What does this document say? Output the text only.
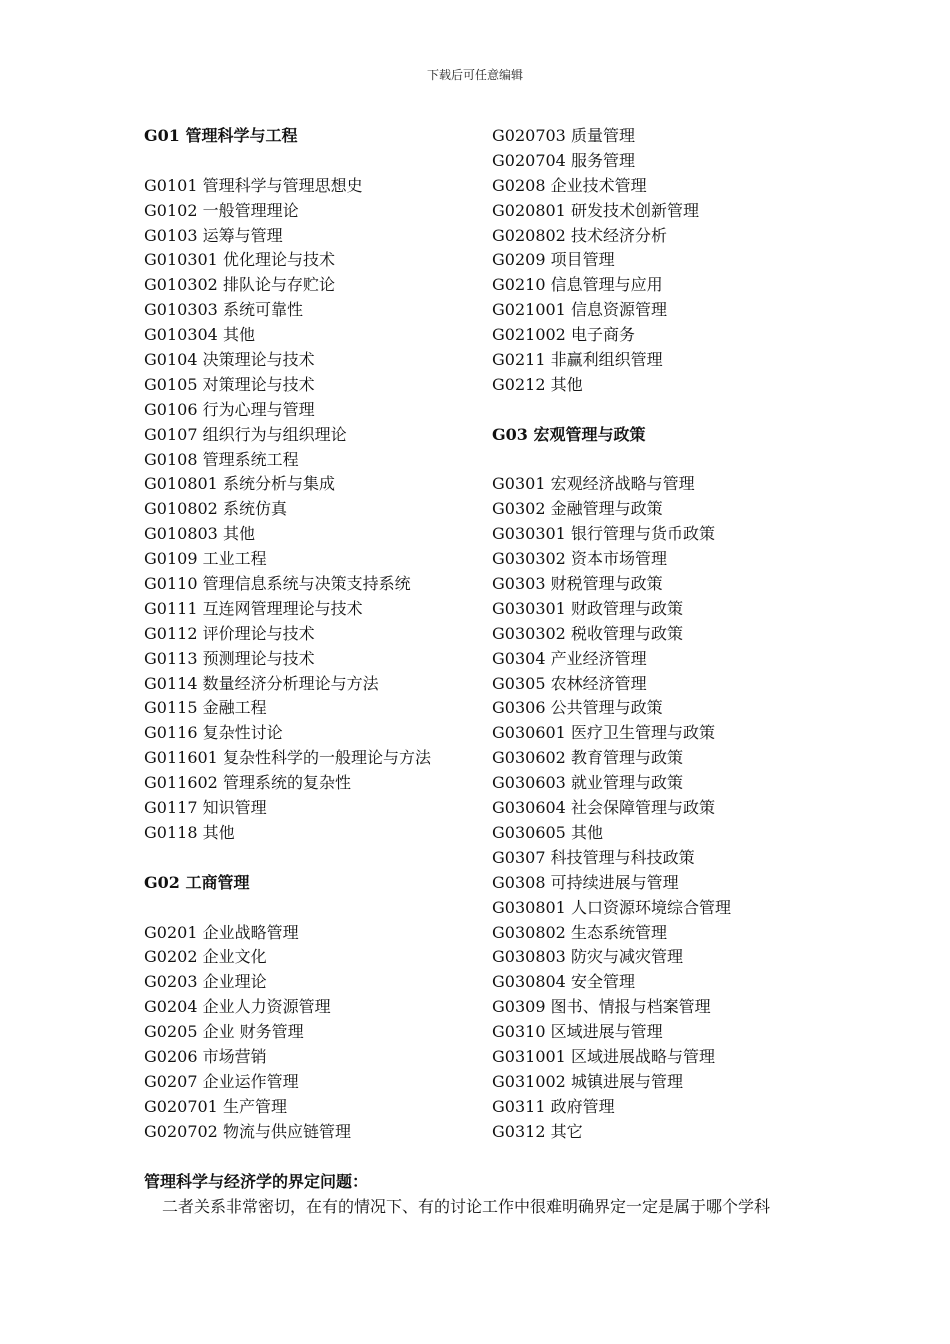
下载后可任意编辑
G01 管理科学与工程
G0101 管理科学与管理思想史
G0102 一般管理理论
G0103 运筹与管理
G010301 优化理论与技术
G010302 排队论与存贮论
G010303 系统可靠性
G010304 其他
G0104 决策理论与技术
G0105 对策理论与技术
G0106 行为心理与管理
G0107 组织行为与组织理论
G0108 管理系统工程
G010801 系统分析与集成
G010802 系统仿真
G010803 其他
G0109 工业工程
G0110 管理信息系统与决策支持系统
G0111 互连网管理理论与技术
G0112 评价理论与技术
G0113 预测理论与技术
G0114 数量经济分析理论与方法
G0115 金融工程
G0116 复杂性讨论
G011601 复杂性科学的一般理论与方法
G011602 管理系统的复杂性
G0117 知识管理
G0118 其他
G02 工商管理
G0201 企业战略管理
G0202 企业文化
G0203 企业理论
G0204 企业人力资源管理
G0205 企业 财务管理
G0206 市场营销
G0207 企业运作管理
G020701 生产管理
G020702 物流与供应链管理
G020703 质量管理
G020704 服务管理
G0208 企业技术管理
G020801 研发技术创新管理
G020802 技术经济分析
G0209 项目管理
G0210 信息管理与应用
G021001 信息资源管理
G021002 电子商务
G0211 非赢利组织管理
G0212 其他
G03 宏观管理与政策
G0301 宏观经济战略与管理
G0302 金融管理与政策
G030301 银行管理与货币政策
G030302 资本市场管理
G0303 财税管理与政策
G030301 财政管理与政策
G030302 税收管理与政策
G0304 产业经济管理
G0305 农林经济管理
G0306 公共管理与政策
G030601 医疗卫生管理与政策
G030602 教育管理与政策
G030603 就业管理与政策
G030604 社会保障管理与政策
G030605 其他
G0307 科技管理与科技政策
G0308 可持续进展与管理
G030801 人口资源环境综合管理
G030802 生态系统管理
G030803 防灾与减灾管理
G030804 安全管理
G0309 图书、情报与档案管理
G0310 区域进展与管理
G031001 区域进展战略与管理
G031002 城镇进展与管理
G0311 政府管理
G0312 其它
管理科学与经济学的界定问题：
二者关系非常密切，在有的情况下、有的讨论工作中很难明确界定一定是属于哪个学科
